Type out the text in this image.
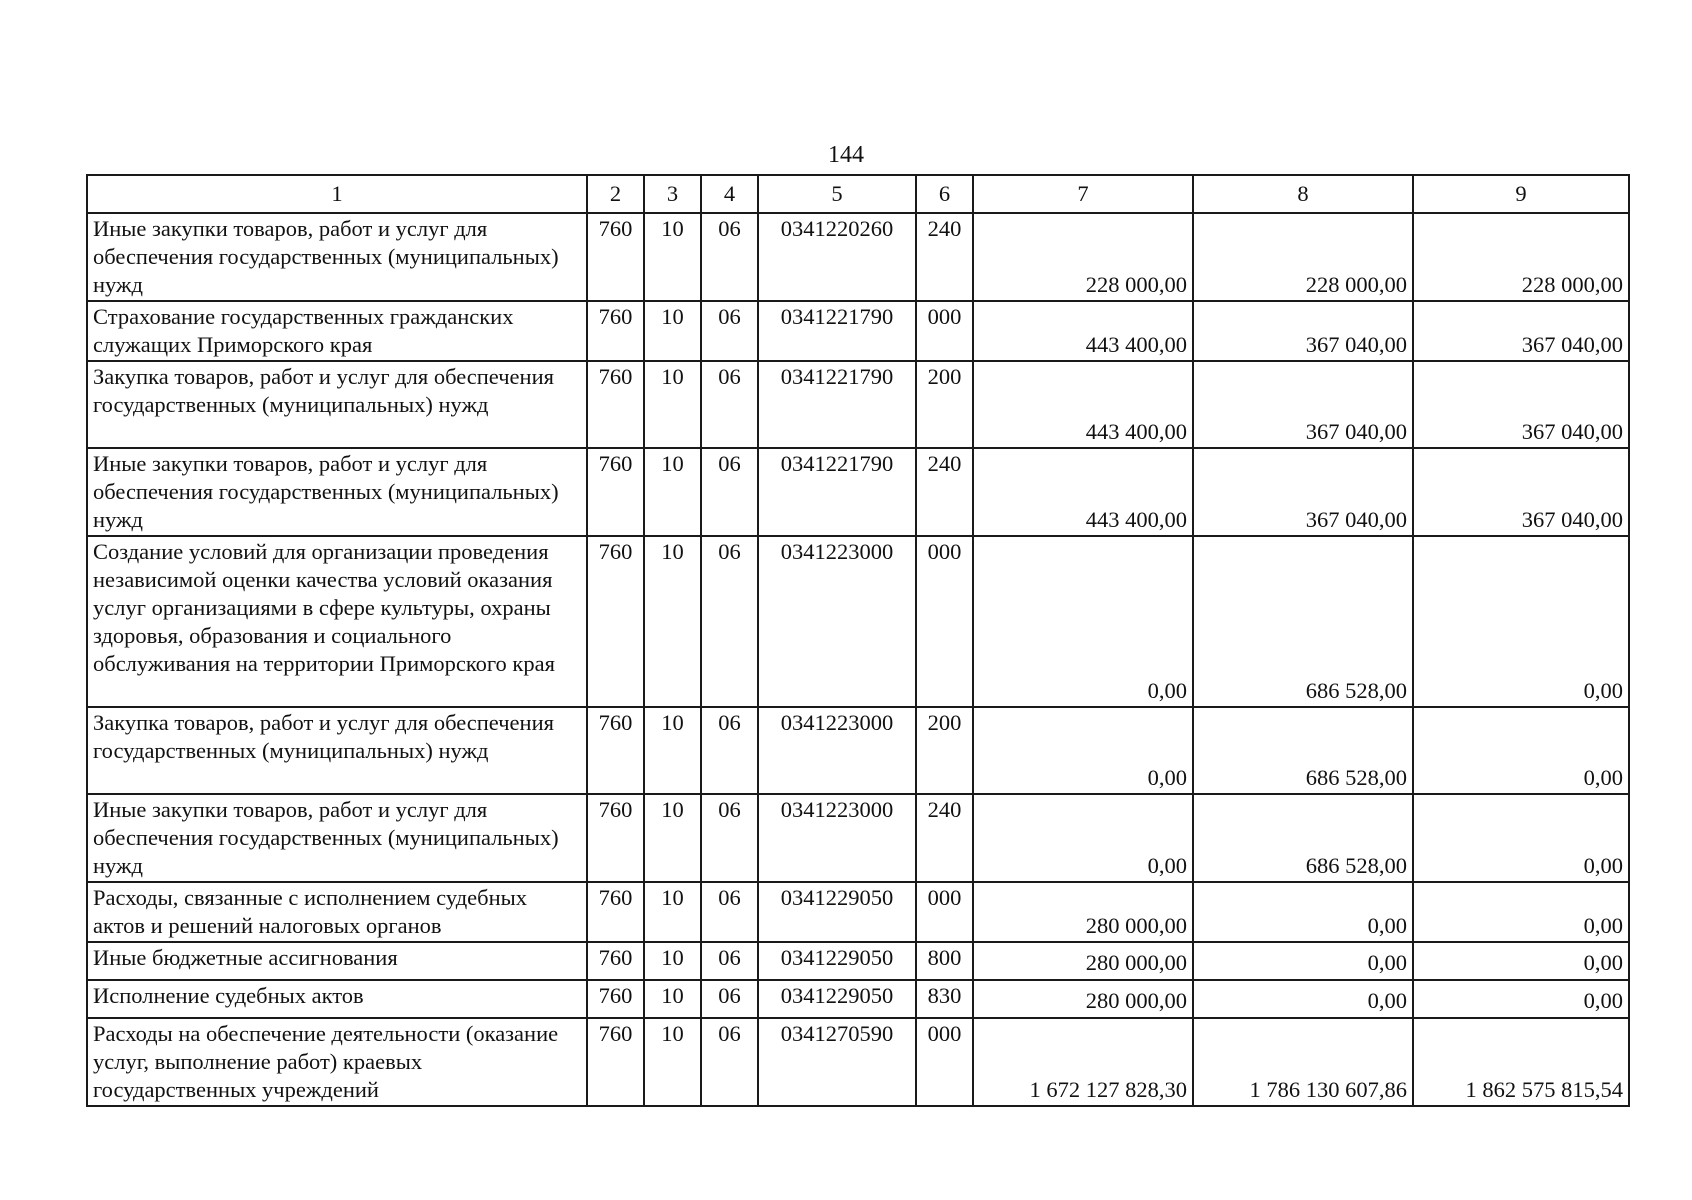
144
1	2	3	4	5	6	7	8	9
Иные закупки товаров, работ и услуг для обеспечения государственных (муниципальных) нужд	760	10	06	0341220260	240	228 000,00	228 000,00	228 000,00
Страхование государственных гражданских служащих Приморского края	760	10	06	0341221790	000	443 400,00	367 040,00	367 040,00
Закупка товаров, работ и услуг для обеспечения государственных (муниципальных) нужд	760	10	06	0341221790	200	443 400,00	367 040,00	367 040,00
Иные закупки товаров, работ и услуг для обеспечения государственных (муниципальных) нужд	760	10	06	0341221790	240	443 400,00	367 040,00	367 040,00
Создание условий для организации проведения независимой оценки качества условий оказания услуг организациями в сфере культуры, охраны здоровья, образования и социального обслуживания на территории Приморского края	760	10	06	0341223000	000	0,00	686 528,00	0,00
Закупка товаров, работ и услуг для обеспечения государственных (муниципальных) нужд	760	10	06	0341223000	200	0,00	686 528,00	0,00
Иные закупки товаров, работ и услуг для обеспечения государственных (муниципальных) нужд	760	10	06	0341223000	240	0,00	686 528,00	0,00
Расходы, связанные с исполнением судебных актов и решений налоговых органов	760	10	06	0341229050	000	280 000,00	0,00	0,00
Иные бюджетные ассигнования	760	10	06	0341229050	800	280 000,00	0,00	0,00
Исполнение судебных актов	760	10	06	0341229050	830	280 000,00	0,00	0,00
Расходы на обеспечение деятельности (оказание услуг, выполнение работ) краевых государственных учреждений	760	10	06	0341270590	000	1 672 127 828,30	1 786 130 607,86	1 862 575 815,54
